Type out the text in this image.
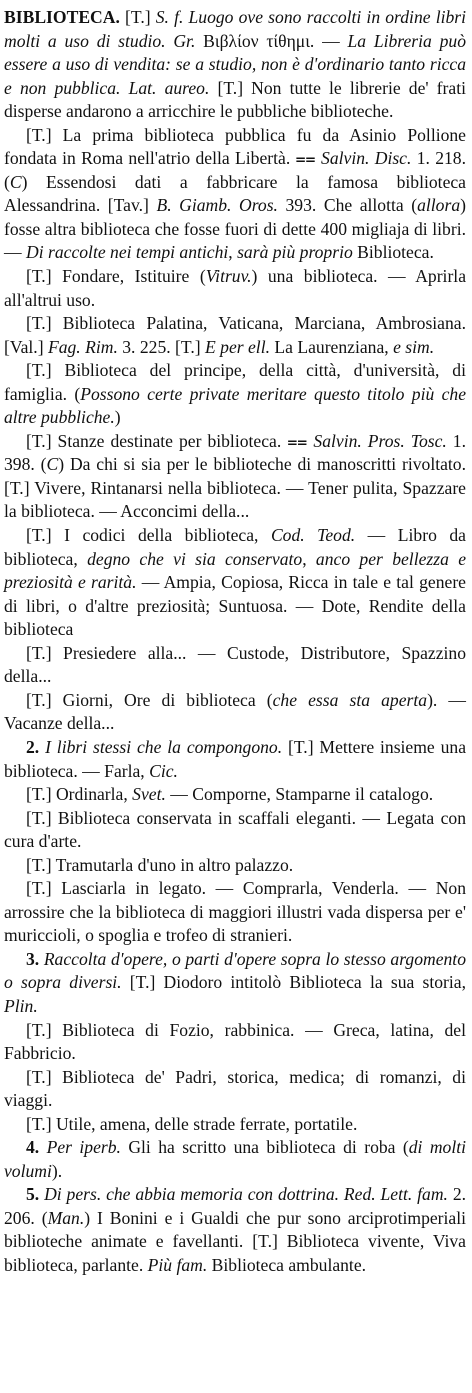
BIBLIOTECA. [T.] S. f. Luogo ove sono raccolti in ordine libri molti a uso di studio. Gr. Βιβλίον τίθημι. — La Libreria può essere a uso di vendita: se a studio, non è d'ordinario tanto ricca e non pubblica. Lat. aureo. [T.] Non tutte le librerie de' frati disperse andarono a arricchire le pubbliche biblioteche.

[T.] La prima biblioteca pubblica fu da Asinio Pollione fondata in Roma nell'atrio della Libertà. ⩵ Salvin. Disc. 1. 218. (C) Essendosi dati a fabbricare la famosa biblioteca Alessandrina. [Tav.] B. Giamb. Oros. 393. Che allotta (allora) fosse altra biblioteca che fosse fuori di dette 400 migliaja di libri. — Di raccolte nei tempi antichi, sarà più proprio Biblioteca.

[T.] Fondare, Istituire (Vitruv.) una biblioteca. — Aprirla all'altrui uso.

[T.] Biblioteca Palatina, Vaticana, Marciana, Ambrosiana. [Val.] Fag. Rim. 3. 225. [T.] E per ell. La Laurenziana, e sim.

[T.] Biblioteca del principe, della città, d'università, di famiglia. (Possono certe private meritare questo titolo più che altre pubbliche.)

[T.] Stanze destinate per biblioteca. ⩵ Salvin. Pros. Tosc. 1. 398. (C) Da chi si sia per le biblioteche di manoscritti rivoltato. [T.] Vivere, Rintanarsi nella biblioteca. — Tener pulita, Spazzare la biblioteca. — Acconcimi della...

[T.] I codici della biblioteca, Cod. Teod. — Libro da biblioteca, degno che vi sia conservato, anco per bellezza e preziosità e rarità. — Ampia, Copiosa, Ricca in tale e tal genere di libri, o d'altre preziosità; Suntuosa. — Dote, Rendite della biblioteca

[T.] Presiedere alla... — Custode, Distributore, Spazzino della...

[T.] Giorni, Ore di biblioteca (che essa sta aperta). — Vacanze della...

2. I libri stessi che la compongono. [T.] Mettere insieme una biblioteca. — Farla, Cic.

[T.] Ordinarla, Svet. — Comporne, Stamparne il catalogo.

[T.] Biblioteca conservata in scaffali eleganti. — Legata con cura d'arte.

[T.] Tramutarla d'uno in altro palazzo.

[T.] Lasciarla in legato. — Comprarla, Venderla. — Non arrossire che la biblioteca di maggiori illustri vada dispersa per e' muriccioli, o spoglia e trofeo di stranieri.

3. Raccolta d'opere, o parti d'opere sopra lo stesso argomento o sopra diversi. [T.] Diodoro intitolò Biblioteca la sua storia, Plin.

[T.] Biblioteca di Fozio, rabbinica. — Greca, latina, del Fabbricio.

[T.] Biblioteca de' Padri, storica, medica; di romanzi, di viaggi.

[T.] Utile, amena, delle strade ferrate, portatile.

4. Per iperb. Gli ha scritto una biblioteca di roba (di molti volumi).

5. Di pers. che abbia memoria con dottrina. Red. Lett. fam. 2. 206. (Man.) I Bonini e i Gualdi che pur sono arciprotimperiali biblioteche animate e favellanti. [T.] Biblioteca vivente, Viva biblioteca, parlante. Più fam. Biblioteca ambulante.
